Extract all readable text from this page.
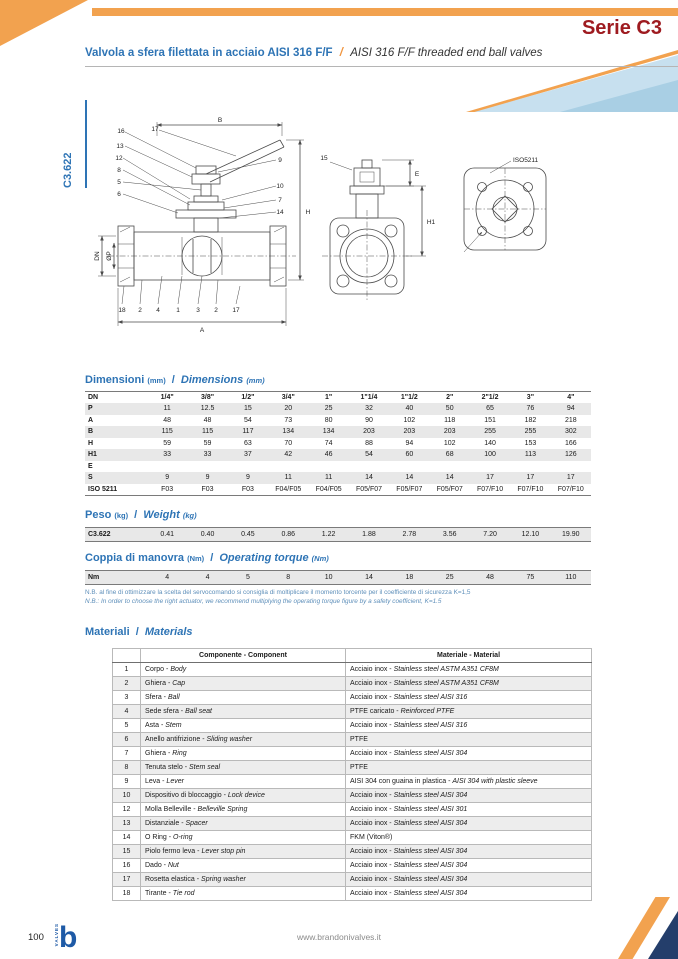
Serie C3
Valvola a sfera filettata in acciaio AISI 316 F/F / AISI 316 F/F threaded end ball valves
C3.622
B
A
H
DN ØP
E
H1
ISO5211
15
16	17
13
12
8
5
6
9
10
7
14
18 2 4	1	3 2 17
Dimensioni (mm) / Dimensions (mm)
DN	1/4"	3/8"	1/2"	3/4"	1"	1"1/4	1"1/2	2"	2"1/2	3"	4"
P	11	12.5	15	20	25	32	40	50	65	76	94
A	48	48	54	73	80	90	102	118	151	182	218
B	115	115	117	134	134	203	203	203	255	255	302
H	59	59	63	70	74	88	94	102	140	153	166
H1	33	33	37	42	46	54	60	68	100	113	126
E											
S	9	9	9	11	11	14	14	14	17	17	17
ISO 5211	F03	F03	F03	F04/F05	F04/F05	F05/F07	F05/F07	F05/F07	F07/F10	F07/F10	F07/F10
Peso (kg) / Weight (kg)
C3.622	0.41	0.40	0.45	0.86	1.22	1.88	2.78	3.56	7.20	12.10	19.90
Coppia di manovra (Nm) / Operating torque (Nm)
Nm	4	4	5	8	10	14	18	25	48	75	110
N.B. al fine di ottimizzare la scelta del servocomando si consiglia di moltiplicare il momento torcente per il coefficiente di sicurezza K=1,5
N.B.: In order to choose the right actuator, we recommend multiplying the operating torque figure by a safety coefficient, K=1.5
Materiali / Materials
	Componente - Component	Materiale - Material
1	Corpo - Body	Acciaio inox - Stainless steel ASTM A351 CF8M
2	Ghiera - Cap	Acciaio inox - Stainless steel ASTM A351 CF8M
3	Sfera - Ball	Acciaio inox - Stainless steel AISI 316
4	Sede sfera - Ball seat	PTFE caricato - Reinforced PTFE
5	Asta - Stem	Acciaio inox - Stainless steel AISI 316
6	Anello antifrizione - Sliding washer	PTFE
7	Ghiera - Ring	Acciaio inox - Stainless steel AISI 304
8	Tenuta stelo - Stem seal	PTFE
9	Leva - Lever	AISI 304 con guaina in plastica - AISI 304 with plastic sleeve
10	Dispositivo di bloccaggio - Lock device	Acciaio inox - Stainless steel AISI 304
12	Molla Belleville - Belleville Spring	Acciaio inox - Stainless steel AISI 301
13	Distanziale - Spacer	Acciaio inox - Stainless steel AISI 304
14	O Ring - O-ring	FKM (Viton®)
15	Piolo fermo leva - Lever stop pin	Acciaio inox - Stainless steel AISI 304
16	Dado - Nut	Acciaio inox - Stainless steel AISI 304
17	Rosetta elastica - Spring washer	Acciaio inox - Stainless steel AISI 304
18	Tirante - Tie rod	Acciaio inox - Stainless steel AISI 304
100 VALVES b	www.brandonivalves.it
